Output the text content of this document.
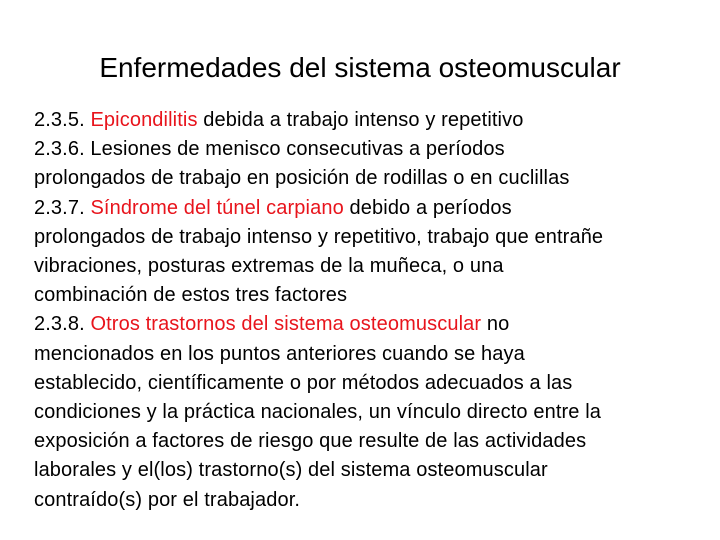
Enfermedades del sistema osteomuscular
2.3.5. Epicondilitis debida a trabajo intenso y repetitivo
2.3.6. Lesiones de menisco consecutivas a períodos
prolongados de trabajo en posición de rodillas o en cuclillas
2.3.7. Síndrome del túnel carpiano debido a períodos
prolongados de trabajo intenso y repetitivo, trabajo que entrañe
vibraciones, posturas extremas de la muñeca, o una
combinación de estos tres factores
2.3.8. Otros trastornos del sistema osteomuscular no
mencionados en los puntos anteriores cuando se haya
establecido, científicamente o por métodos adecuados a las
condiciones y la práctica nacionales, un vínculo directo entre la
exposición a factores de riesgo que resulte de las actividades
laborales y el(los) trastorno(s) del sistema osteomuscular
contraído(s) por el trabajador.
